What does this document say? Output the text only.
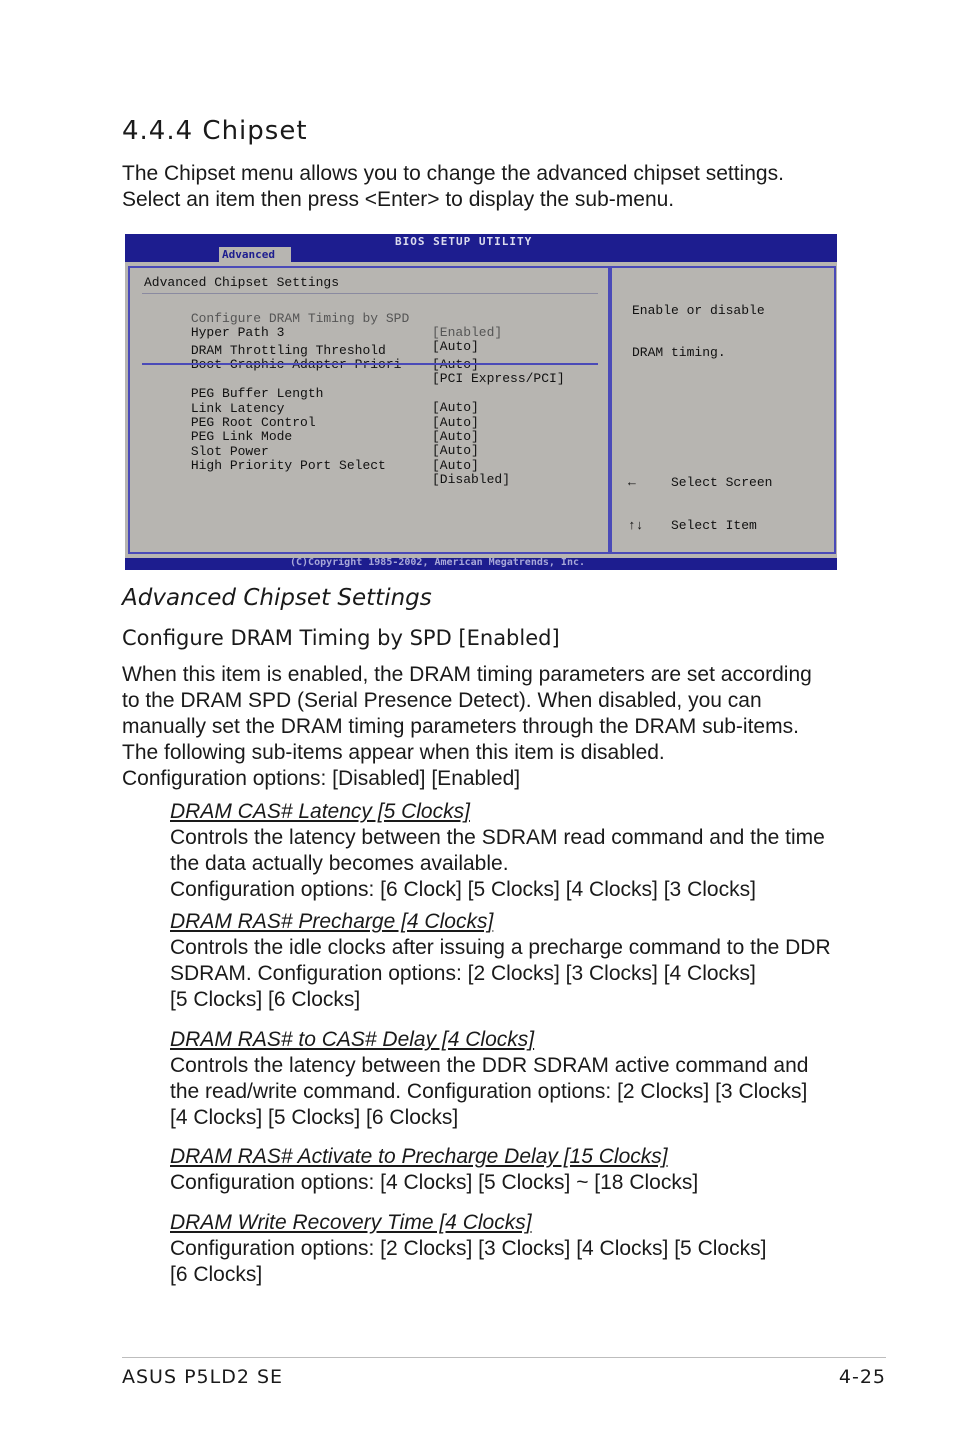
4.4.4 Chipset
The Chipset menu allows you to change the advanced chipset settings.
Select an item then press <Enter> to display the sub-menu.
BIOS SETUP UTILITY
Advanced
Advanced Chipset Settings

Configure DRAM Timing by SPD

[Enabled]

Hyper Path 3

[Auto]

DRAM Throttling Threshold

[PCI Express/PCI]

PEG Buffer Length

[Auto]

Link Latency

[Auto]

PEG Root Control

[Auto]

PEG Link Mode

[Auto]

Slot Power

[Auto]

High Priority Port Select

[Disabled]

Enable or disable

DRAM timing.

←	Select Screen

↑↓ Select Item

(C)Copyright 1985-2002, American Megatrends, Inc.
Advanced Chipset Settings
Configure DRAM Timing by SPD [Enabled]
When this item is enabled, the DRAM timing parameters are set according
to the DRAM SPD (Serial Presence Detect). When disabled, you can
manually set the DRAM timing parameters through the DRAM sub-items.
The following sub-items appear when this item is disabled.
Configuration options: [Disabled] [Enabled]
DRAM CAS# Latency [5 Clocks]
Controls the latency between the SDRAM read command and the time
the data actually becomes available.
Configuration options: [6 Clock] [5 Clocks] [4 Clocks] [3 Clocks]
DRAM RAS# Precharge [4 Clocks]
Controls the idle clocks after issuing a precharge command to the DDR
SDRAM. Configuration options: [2 Clocks] [3 Clocks] [4 Clocks]
[5 Clocks] [6 Clocks]
DRAM RAS# to CAS# Delay [4 Clocks]
Controls the latency between the DDR SDRAM active command and
the read/write command. Configuration options: [2 Clocks] [3 Clocks]
[4 Clocks] [5 Clocks] [6 Clocks]
DRAM RAS# Activate to Precharge Delay [15 Clocks]
Configuration options: [4 Clocks] [5 Clocks] ~ [18 Clocks]
DRAM Write Recovery Time [4 Clocks]
Configuration options: [2 Clocks] [3 Clocks] [4 Clocks] [5 Clocks]
[6 Clocks]
ASUS P5LD2 SE	4-25
